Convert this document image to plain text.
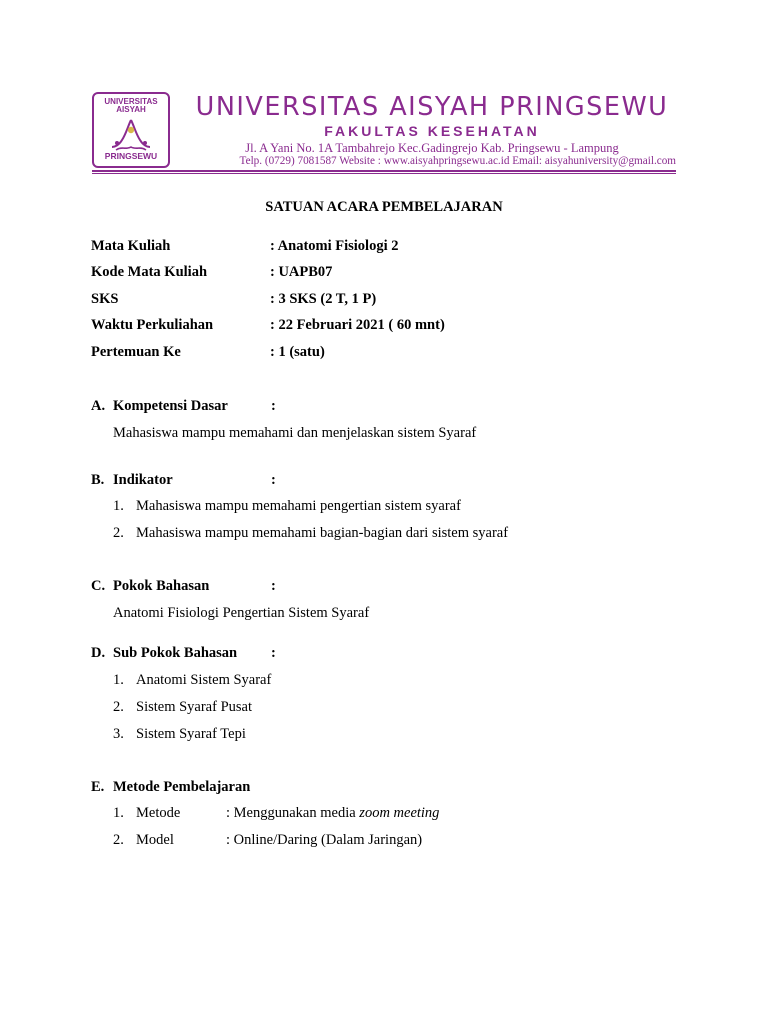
UNIVERSITAS
AISYAH
PRINGSEWU
UNIVERSITAS AISYAH PRINGSEWU
FAKULTAS KESEHATAN
Jl. A Yani No. 1A Tambahrejo Kec.Gadingrejo Kab. Pringsewu - Lampung
Telp. (0729) 7081587 Website : www.aisyahpringsewu.ac.id Email: aisyahuniversity@gmail.com
SATUAN ACARA PEMBELAJARAN
Mata Kuliah	: Anatomi Fisiologi 2
Kode Mata Kuliah	: UAPB07
SKS	: 3 SKS (2 T, 1 P)
Waktu Perkuliahan	: 22 Februari 2021 ( 60 mnt)
Pertemuan Ke	: 1 (satu)
A. Kompetensi Dasar	:
Mahasiswa mampu memahami dan menjelaskan sistem Syaraf
B. Indikator	:
1. Mahasiswa mampu memahami pengertian sistem syaraf
2. Mahasiswa mampu memahami bagian-bagian dari sistem syaraf
C. Pokok Bahasan	:
Anatomi Fisiologi Pengertian Sistem Syaraf
D. Sub Pokok Bahasan :
1. Anatomi Sistem Syaraf
2. Sistem Syaraf Pusat
3. Sistem Syaraf Tepi
E. Metode Pembelajaran
1. Metode	: Menggunakan media zoom meeting
2. Model	: Online/Daring (Dalam Jaringan)
